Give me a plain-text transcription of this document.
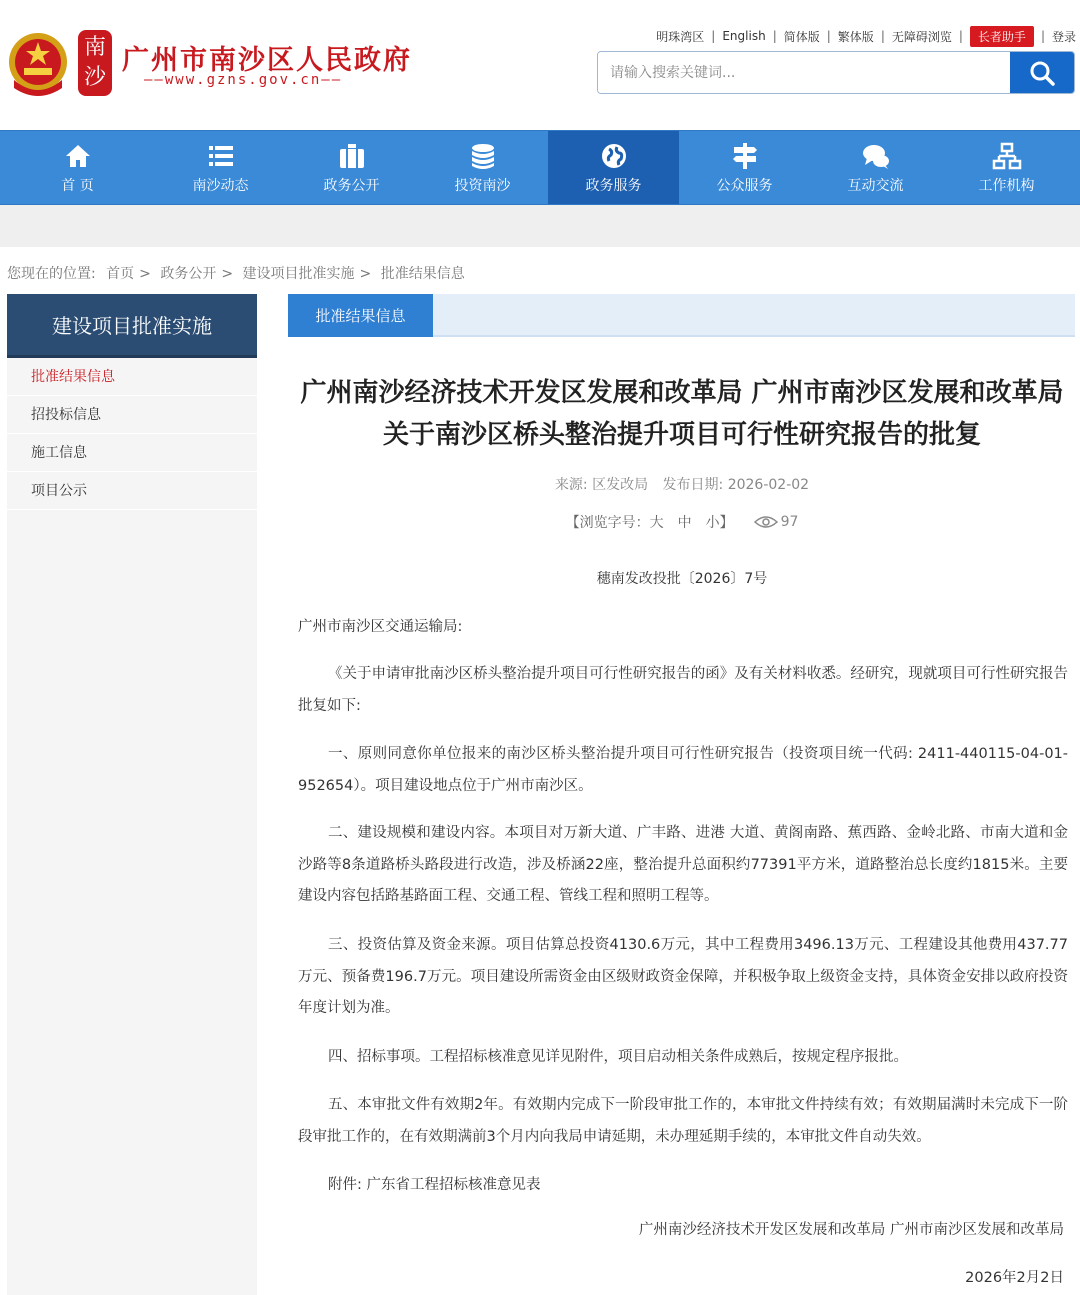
南沙
广州市南沙区人民政府
——www.gzns.gov.cn——
明珠湾区 | English | 简体版 | 繁体版 | 无障碍浏览 |	长者助手	| 登录
请输入搜索关键词...
首 页	南沙动态	政务公开	投资南沙	政务服务	公众服务	互动交流	工作机构
您现在的位置: 首页 > 政务公开 > 建设项目批准实施 > 批准结果信息
建设项目批准实施
批准结果信息
招投标信息
施工信息
项目公示
批准结果信息
广州南沙经济技术开发区发展和改革局 广州市南沙区发展和改革局关于南沙区桥头整治提升项目可行性研究报告的批复
来源: 区发改局 发布日期: 2026-02-02
【浏览字号：大　中　小】	97
穗南发改投批〔2026〕7号

广州市南沙区交通运输局:

《关于申请审批南沙区桥头整治提升项目可行性研究报告的函》及有关材料收悉。经研究，现就项目可行性研究报告批复如下:

一、原则同意你单位报来的南沙区桥头整治提升项目可行性研究报告（投资项目统一代码: 2411-440115-04-01-952654）。项目建设地点位于广州市南沙区。

二、建设规模和建设内容。本项目对万新大道、广丰路、进港 大道、黄阁南路、蕉西路、金岭北路、市南大道和金沙路等8条道路桥头路段进行改造，涉及桥涵22座，整治提升总面积约77391平方米，道路整治总长度约1815米。主要建设内容包括路基路面工程、交通工程、管线工程和照明工程等。

三、投资估算及资金来源。项目估算总投资4130.6万元，其中工程费用3496.13万元、工程建设其他费用437.77万元、预备费196.7万元。项目建设所需资金由区级财政资金保障，并积极争取上级资金支持，具体资金安排以政府投资年度计划为准。

四、招标事项。工程招标核准意见详见附件，项目启动相关条件成熟后，按规定程序报批。

五、本审批文件有效期2年。有效期内完成下一阶段审批工作的，本审批文件持续有效；有效期届满时未完成下一阶段审批工作的，在有效期满前3个月内向我局申请延期，未办理延期手续的，本审批文件自动失效。

附件: 广东省工程招标核准意见表

广州南沙经济技术开发区发展和改革局 广州市南沙区发展和改革局
2026年2月2日
